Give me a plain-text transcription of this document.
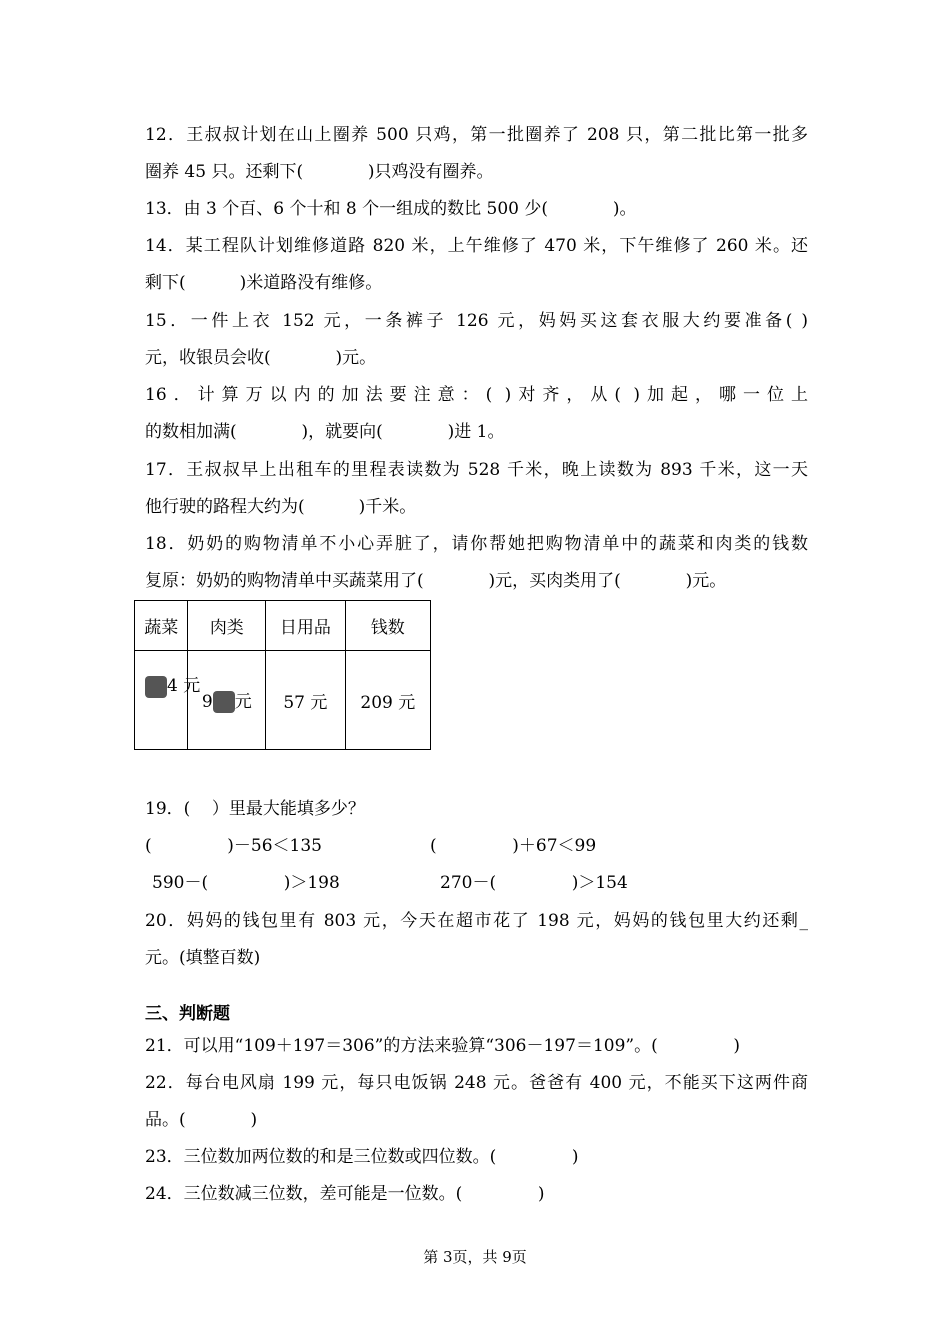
12．王叔叔计划在山上圈养 500 只鸡，第一批圈养了 208 只，第二批比第一批多
圈养 45 只。还剩下(            )只鸡没有圈养。
13．由 3 个百、6 个十和 8 个一组成的数比 500 少(            )。
14．某工程队计划维修道路 820 米，上午维修了 470 米，下午维修了 260 米。还
剩下(          )米道路没有维修。
15．一件上衣 152 元，一条裤子 126 元，妈妈买这套衣服大约要准备( )
元，收银员会收(            )元。
16．计算万以内的加法要注意：( )对齐，从( )加起，哪一位上
的数相加满(            )，就要向(            )进 1。
17．王叔叔早上出租车的里程表读数为 528 千米，晚上读数为 893 千米，这一天
他行驶的路程大约为(          )千米。
18．奶奶的购物清单不小心弄脏了，请你帮她把购物清单中的蔬菜和肉类的钱数
复原：奶奶的购物清单中买蔬菜用了(            )元，买肉类用了(            )元。
蔬菜	肉类	日用品	钱数

4 元	9 元	57 元	209 元
19．(    ）里最大能填多少？
(              )－56＜135	(              )＋67＜99
590－(              )＞198	270－(              )＞154
20．妈妈的钱包里有 803 元，今天在超市花了 198 元，妈妈的钱包里大约还剩_
元。(填整百数)
三、判断题
21．可以用“109＋197＝306”的方法来验算“306－197＝109”。(              )
22．每台电风扇 199 元，每只电饭锅 248 元。爸爸有 400 元，不能买下这两件商
品。(            )
23．三位数加两位数的和是三位数或四位数。(              )
24．三位数减三位数，差可能是一位数。(              )
第 3页，共 9页
